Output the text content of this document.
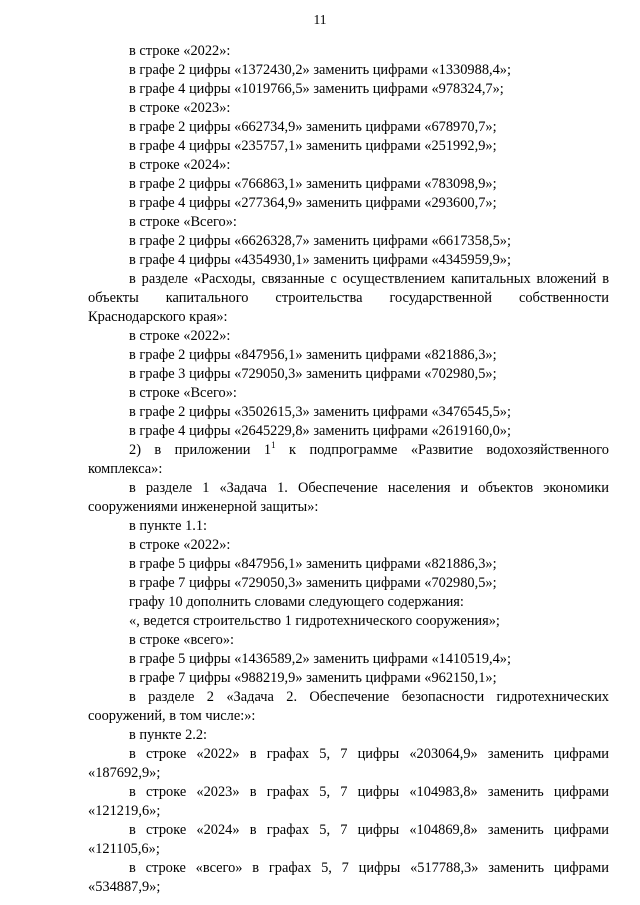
11

в строке «2022»:

в графе 2 цифры «1372430,2» заменить цифрами «1330988,4»;

в графе 4 цифры «1019766,5» заменить цифрами «978324,7»;

в строке «2023»:

в графе 2 цифры «662734,9» заменить цифрами «678970,7»;

в графе 4 цифры «235757,1» заменить цифрами «251992,9»;

в строке «2024»:

в графе 2 цифры «766863,1» заменить цифрами «783098,9»;

в графе 4 цифры «277364,9» заменить цифрами «293600,7»;

в строке «Всего»:

в графе 2 цифры «6626328,7» заменить цифрами «6617358,5»;

в графе 4 цифры «4354930,1» заменить цифрами «4345959,9»;

в разделе «Расходы, связанные с осуществлением капитальных вложений в объекты капитального строительства государственной собственности Краснодарского края»:

в строке «2022»:

в графе 2 цифры «847956,1» заменить цифрами «821886,3»;

в графе 3 цифры «729050,3» заменить цифрами «702980,5»;

в строке «Всего»:

в графе 2 цифры «3502615,3» заменить цифрами «3476545,5»;

в графе 4 цифры «2645229,8» заменить цифрами «2619160,0»;

2) в приложении $1^1$ к подпрограмме «Развитие водохозяйственного комплекса»:

в разделе 1 «Задача 1. Обеспечение населения и объектов экономики сооружениями инженерной защиты»:

в пункте 1.1:

в строке «2022»:

в графе 5 цифры «847956,1» заменить цифрами «821886,3»;

в графе 7 цифры «729050,3» заменить цифрами «702980,5»;

графу 10 дополнить словами следующего содержания:

«, ведется строительство 1 гидротехнического сооружения»;

в строке «всего»:

в графе 5 цифры «1436589,2» заменить цифрами «1410519,4»;

в графе 7 цифры «988219,9» заменить цифрами «962150,1»;

в разделе 2 «Задача 2. Обеспечение безопасности гидротехнических сооружений, в том числе:»:

в пункте 2.2:

в строке «2022» в графах 5, 7 цифры «203064,9» заменить цифрами «187692,9»;

в строке «2023» в графах 5, 7 цифры «104983,8» заменить цифрами «121219,6»;

в строке «2024» в графах 5, 7 цифры «104869,8» заменить цифрами «121105,6»;

в строке «всего» в графах 5, 7 цифры «517788,3» заменить цифрами «534887,9»;
